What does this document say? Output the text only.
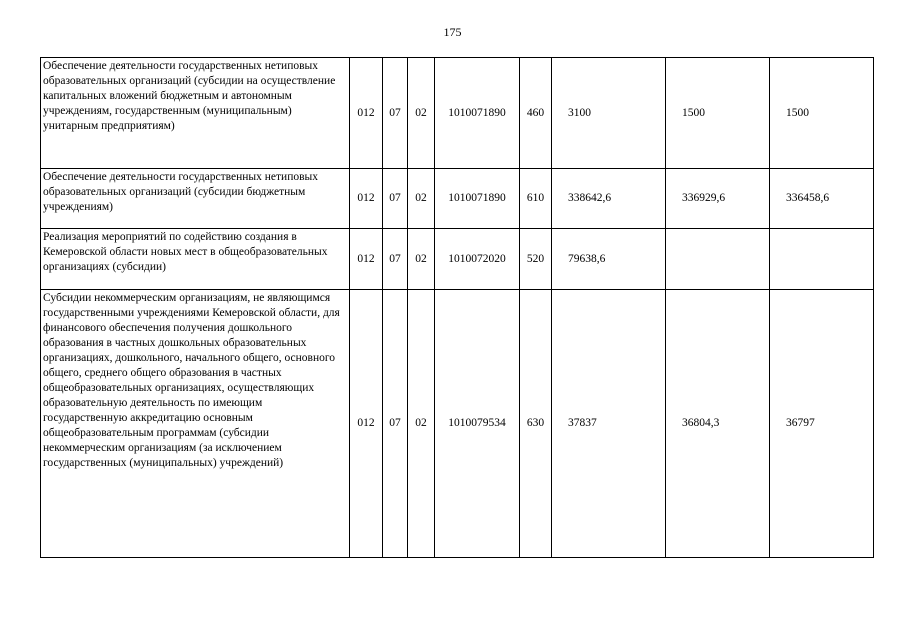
175
Обеспечение деятельности государственных нетиповых образовательных организаций (субсидии на осуществление капитальных вложений бюджетным и автономным учреждениям, государственным (муниципальным) унитарным предприятиям)	012	07	02	1010071890	460	3100	1500	1500
Обеспечение деятельности государственных нетиповых образовательных организаций (субсидии бюджетным учреждениям)	012	07	02	1010071890	610	338642,6	336929,6	336458,6
Реализация мероприятий по содействию создания в Кемеровской области новых мест в общеобразовательных организациях (субсидии)	012	07	02	1010072020	520	79638,6		
Субсидии некоммерческим организациям, не являющимся государственными учреждениями Кемеровской области, для финансового обеспечения получения дошкольного образования в частных дошкольных образовательных организациях, дошкольного, начального общего, основного общего, среднего общего образования в частных общеобразовательных организациях, осуществляющих образовательную деятельность по имеющим государственную аккредитацию основным общеобразовательным программам (субсидии некоммерческим организациям (за исключением государственных (муниципальных) учреждений)	012	07	02	1010079534	630	37837	36804,3	36797
